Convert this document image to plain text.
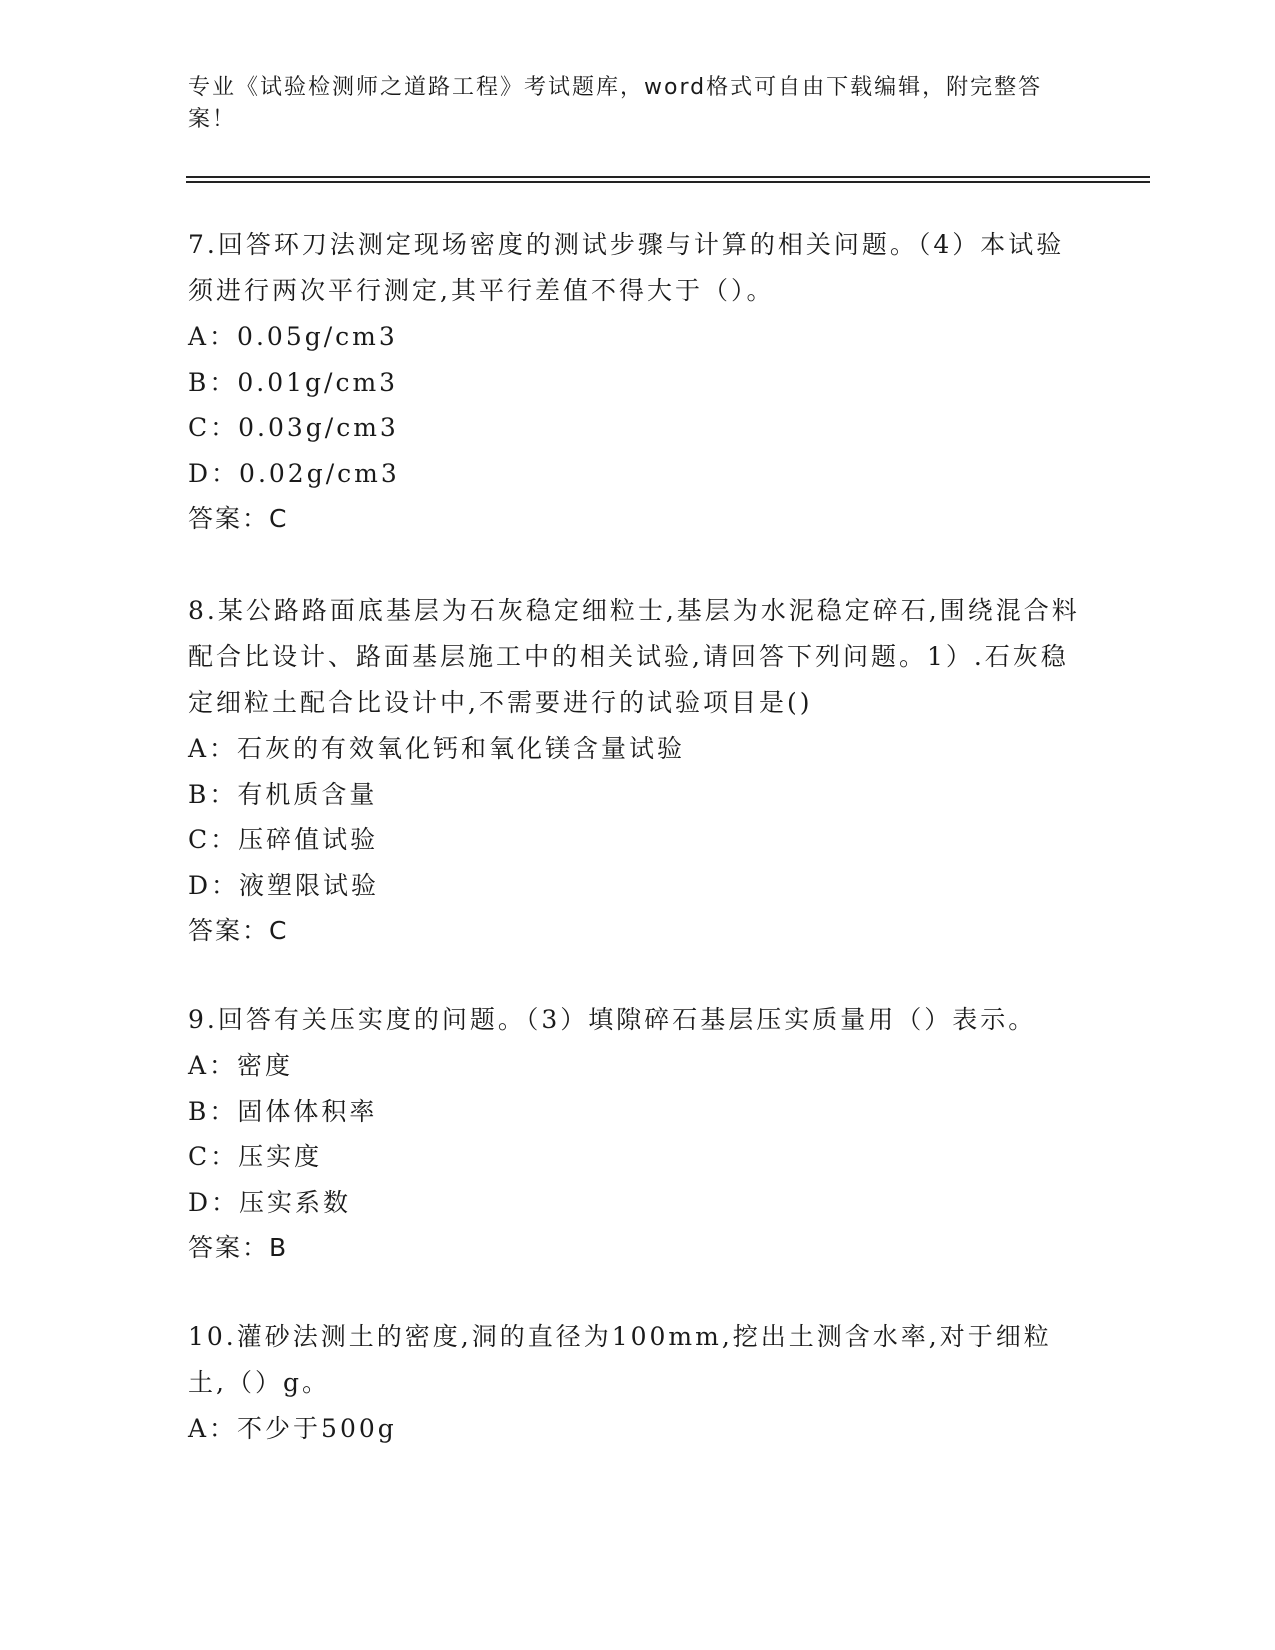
专业《试验检测师之道路工程》考试题库，word格式可自由下载编辑，附完整答案！

7.回答环刀法测定现场密度的测试步骤与计算的相关问题。（4）本试验须进行两次平行测定,其平行差值不得大于（）。

A：0.05g/cm3

B：0.01g/cm3

C：0.03g/cm3

D：0.02g/cm3

答案：C

8.某公路路面底基层为石灰稳定细粒士,基层为水泥稳定碎石,围绕混合料配合比设计、路面基层施工中的相关试验,请回答下列问题。1）.石灰稳定细粒土配合比设计中,不需要进行的试验项目是()

A：石灰的有效氧化钙和氧化镁含量试验

B：有机质含量

C：压碎值试验

D：液塑限试验

答案：C

9.回答有关压实度的问题。（3）填隙碎石基层压实质量用（）表示。

A：密度

B：固体体积率

C：压实度

D：压实系数

答案：B

10.灌砂法测土的密度,洞的直径为100mm,挖出土测含水率,对于细粒土,（）g。

A：不少于500g
